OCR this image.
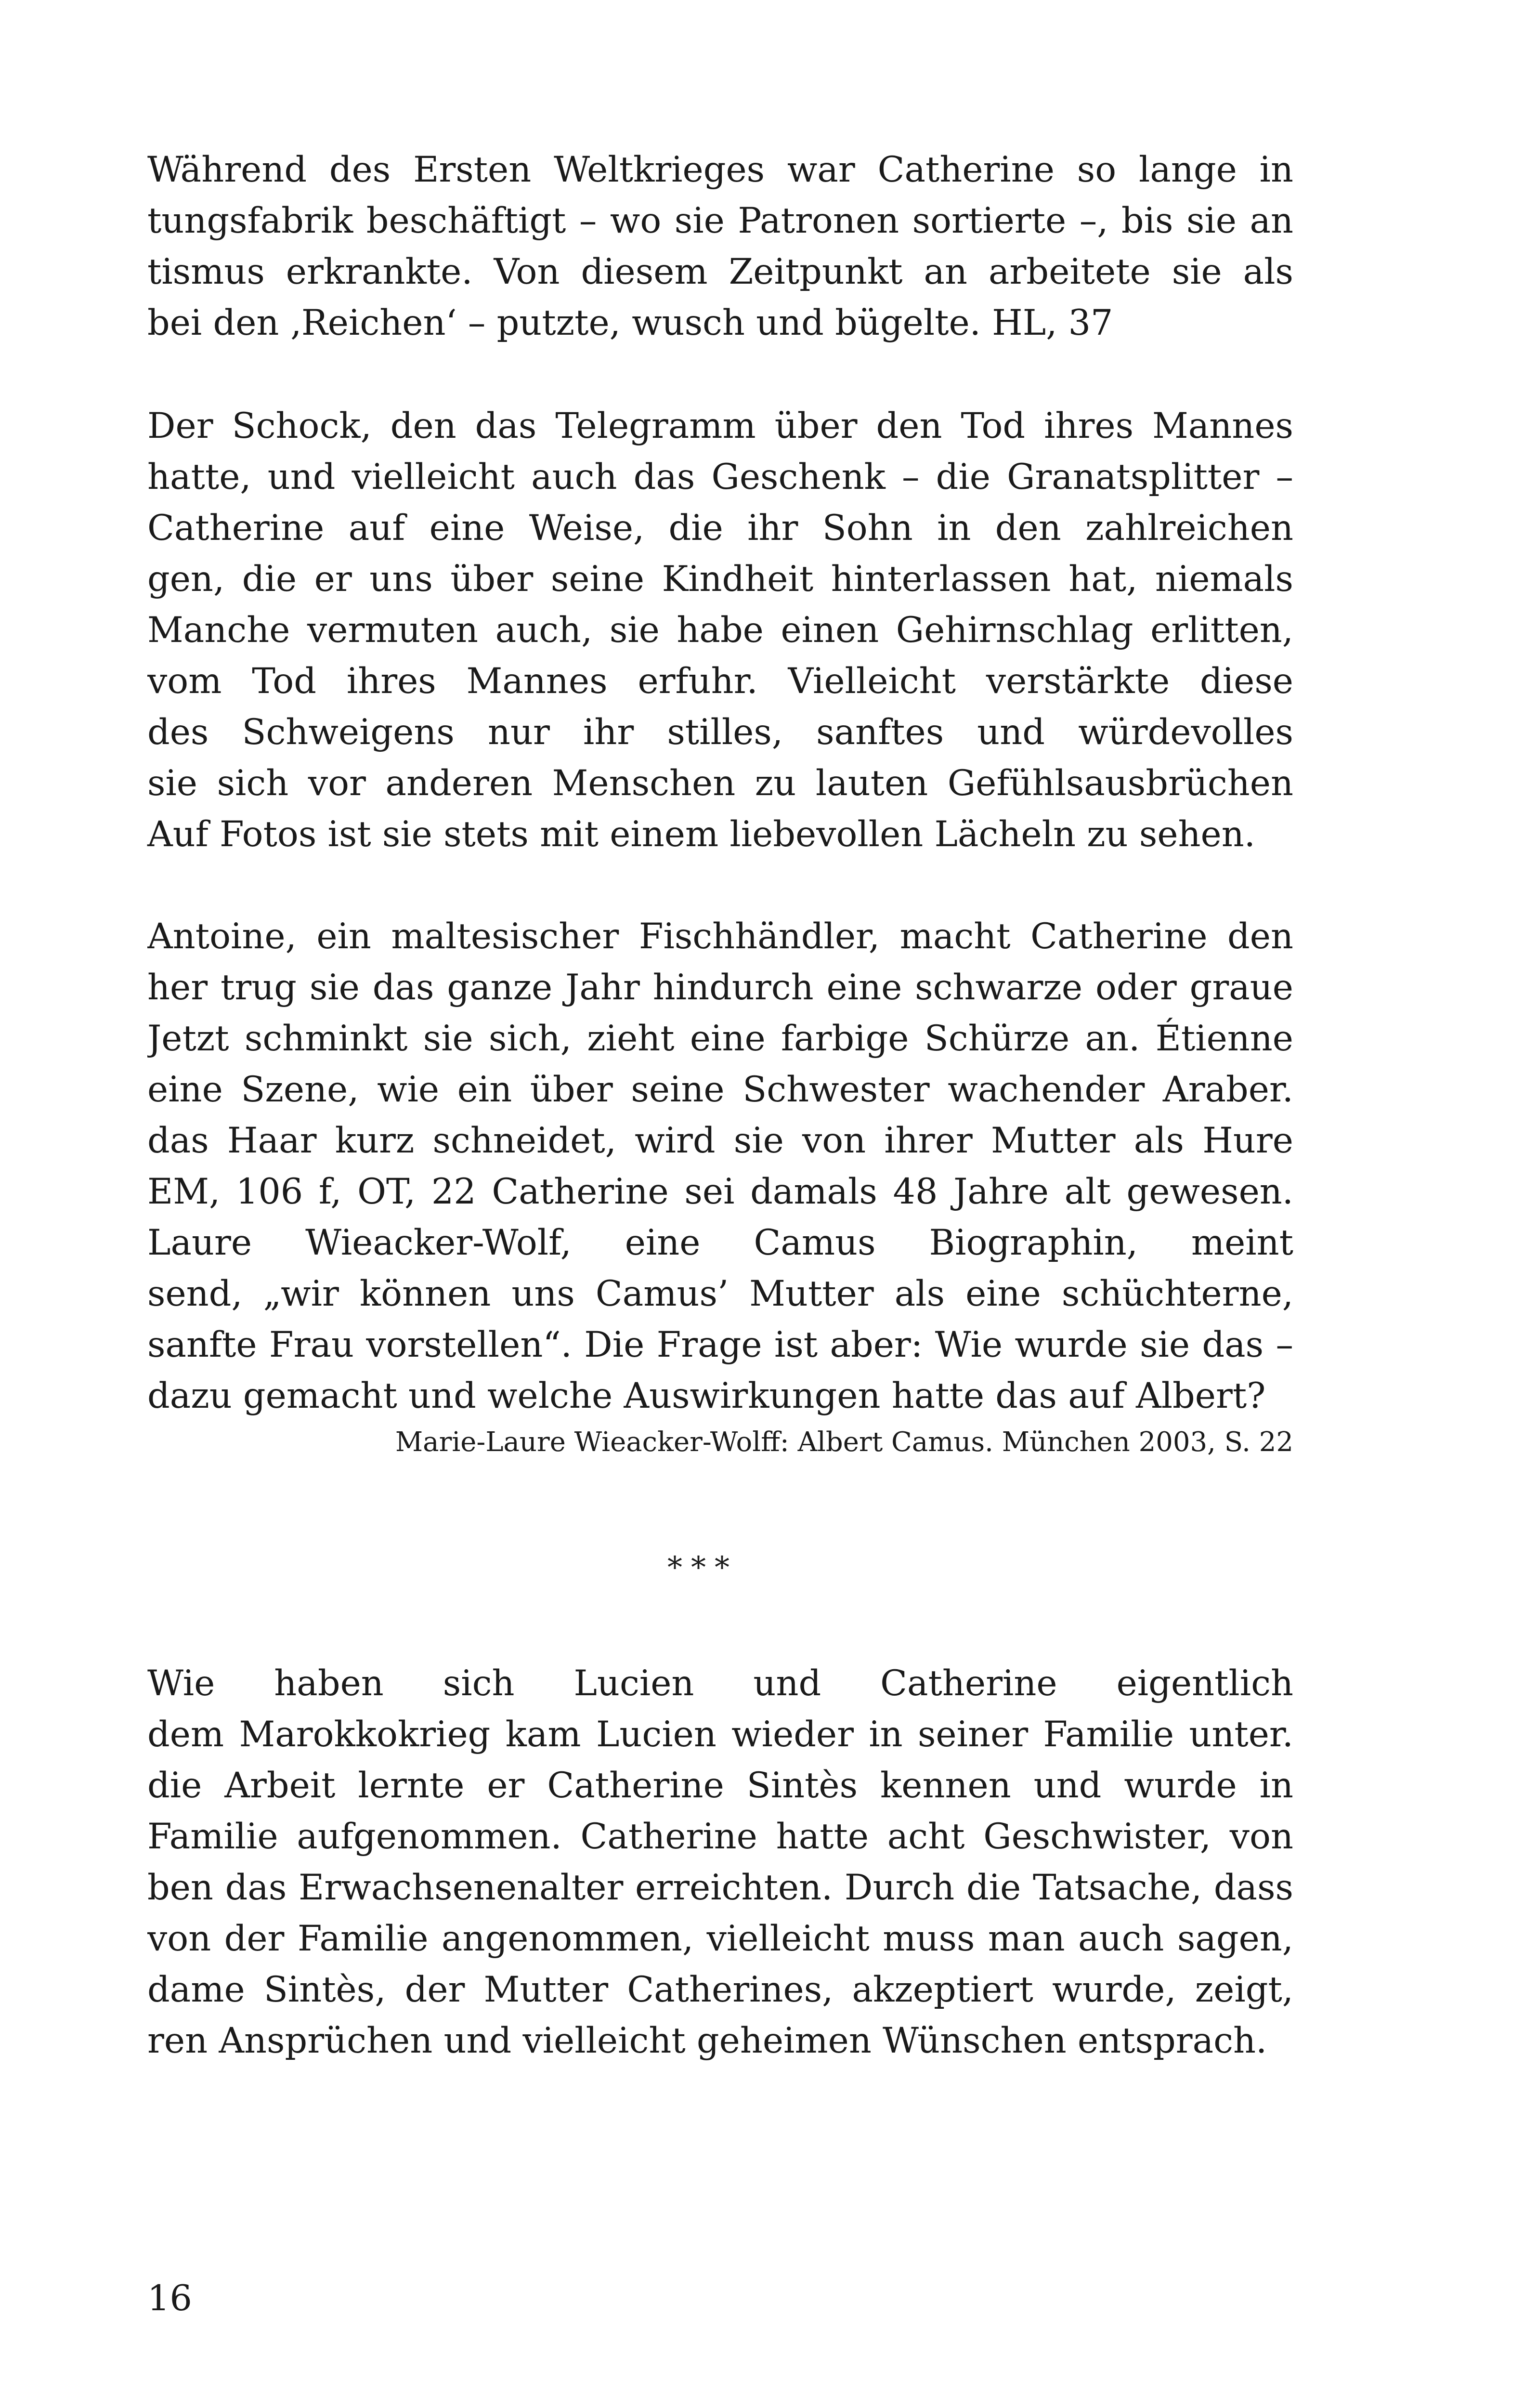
Während des Ersten Weltkrieges war Catherine so lange in
tungsfabrik beschäftigt – wo sie Patronen sortierte –, bis sie an
tismus erkrankte. Von diesem Zeitpunkt an arbeitete sie als
bei den ‚Reichen‘ – putzte, wusch und bügelte. HL, 37
Der Schock, den das Telegramm über den Tod ihres Mannes
hatte, und vielleicht auch das Geschenk – die Granatsplitter –
Catherine auf eine Weise, die ihr Sohn in den zahlreichen
gen, die er uns über seine Kindheit hinterlassen hat, niemals
Manche vermuten auch, sie habe einen Gehirnschlag erlitten,
vom Tod ihres Mannes erfuhr. Vielleicht verstärkte diese
des Schweigens nur ihr stilles, sanftes und würdevolles
sie sich vor anderen Menschen zu lauten Gefühlsausbrüchen
Auf Fotos ist sie stets mit einem liebevollen Lächeln zu sehen.
Antoine, ein maltesischer Fischhändler, macht Catherine den
her trug sie das ganze Jahr hindurch eine schwarze oder graue
Jetzt schminkt sie sich, zieht eine farbige Schürze an. Étienne
eine Szene, wie ein über seine Schwester wachender Araber.
das Haar kurz schneidet, wird sie von ihrer Mutter als Hure
EM, 106 f, OT, 22 Catherine sei damals 48 Jahre alt gewesen.
Laure Wieacker-Wolf, eine Camus Biographin, meint
send, „wir können uns Camus’ Mutter als eine schüchterne,
sanfte Frau vorstellen“. Die Frage ist aber: Wie wurde sie das –
dazu gemacht und welche Auswirkungen hatte das auf Albert?
Marie-Laure Wieacker-Wolff: Albert Camus. München 2003, S. 22
***
Wie haben sich Lucien und Catherine eigentlich
dem Marokkokrieg kam Lucien wieder in seiner Familie unter.
die Arbeit lernte er Catherine Sintès kennen und wurde in
Familie aufgenommen. Catherine hatte acht Geschwister, von
ben das Erwachsenenalter erreichten. Durch die Tatsache, dass
von der Familie angenommen, vielleicht muss man auch sagen,
dame Sintès, der Mutter Catherines, akzeptiert wurde, zeigt,
ren Ansprüchen und vielleicht geheimen Wünschen entsprach.
16
